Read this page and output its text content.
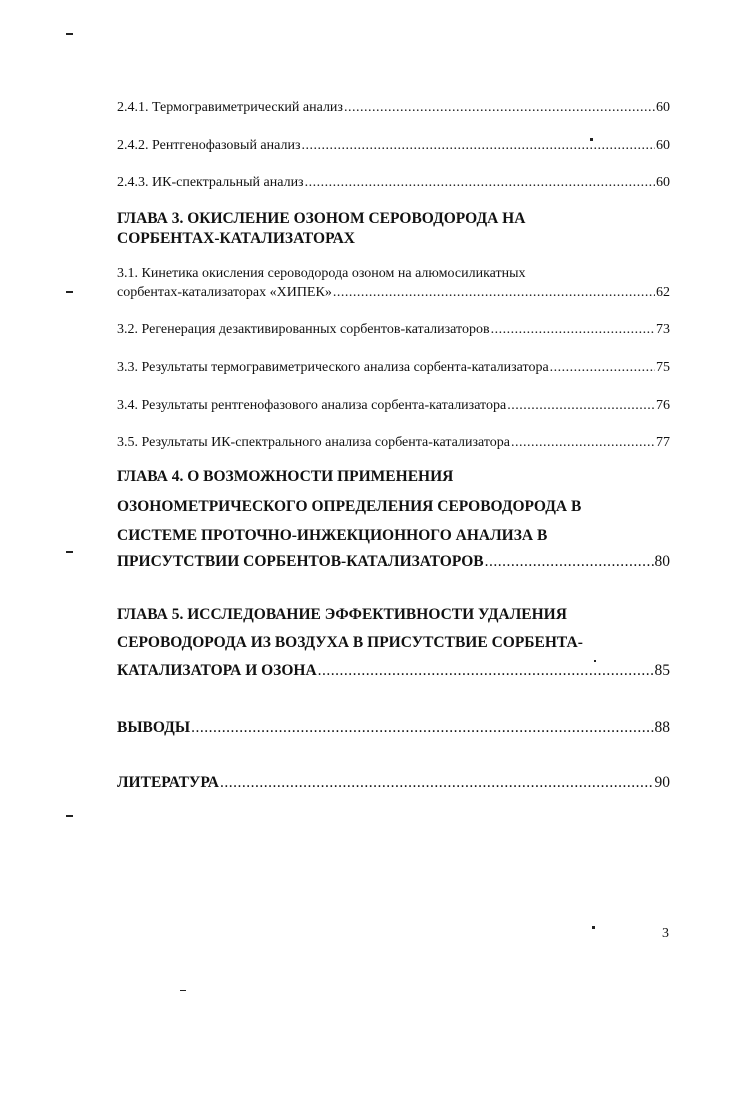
2.4.1. Термогравиметрический анализ .....	60
2.4.2. Рентгенофазовый анализ .....	60
2.4.3. ИК-спектральный анализ .....	60
ГЛАВА 3. ОКИСЛЕНИЕ ОЗОНОМ СЕРОВОДОРОДА НА
СОРБЕНТАХ-КАТАЛИЗАТОРАХ
3.1. Кинетика окисления сероводорода озоном на алюмосиликатных
сорбентах-катализаторах «ХИПЕК» .....	62
3.2. Регенерация дезактивированных сорбентов-катализаторов .....	73
3.3. Результаты термогравиметрического анализа сорбента-катализатора .....	75
3.4. Результаты рентгенофазового анализа сорбента-катализатора .....	76
3.5. Результаты ИК-спектрального анализа сорбента-катализатора .....	77
ГЛАВА 4. О ВОЗМОЖНОСТИ ПРИМЕНЕНИЯ
ОЗОНОМЕТРИЧЕСКОГО ОПРЕДЕЛЕНИЯ СЕРОВОДОРОДА В
СИСТЕМЕ ПРОТОЧНО-ИНЖЕКЦИОННОГО АНАЛИЗА В
ПРИСУТСТВИИ СОРБЕНТОВ-КАТАЛИЗАТОРОВ .....	80
ГЛАВА 5. ИССЛЕДОВАНИЕ ЭФФЕКТИВНОСТИ УДАЛЕНИЯ
СЕРОВОДОРОДА ИЗ ВОЗДУХА В ПРИСУТСТВИЕ СОРБЕНТА-
КАТАЛИЗАТОРА И ОЗОНА .....	85
ВЫВОДЫ .....	88
ЛИТЕРАТУРА .....	90
3
